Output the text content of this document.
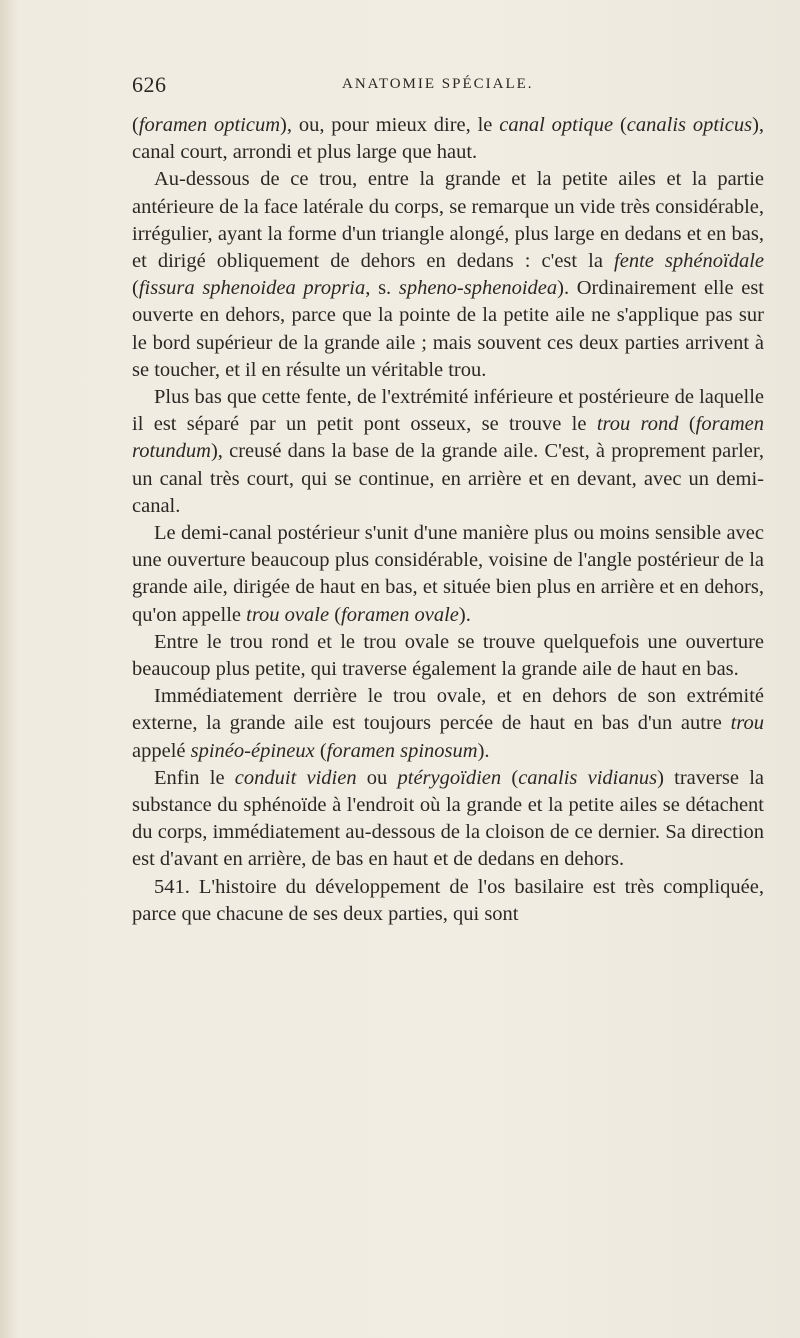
626	ANATOMIE SPÉCIALE.

(foramen opticum), ou, pour mieux dire, le canal optique (canalis opticus), canal court, arrondi et plus large que haut.

Au-dessous de ce trou, entre la grande et la petite ailes et la partie antérieure de la face latérale du corps, se remarque un vide très considérable, irrégulier, ayant la forme d'un triangle alongé, plus large en dedans et en bas, et dirigé obliquement de dehors en dedans : c'est la fente sphénoïdale (fissura sphenoidea propria, s. spheno-sphenoidea). Ordinairement elle est ouverte en dehors, parce que la pointe de la petite aile ne s'applique pas sur le bord supérieur de la grande aile ; mais souvent ces deux parties arrivent à se toucher, et il en résulte un véritable trou.

Plus bas que cette fente, de l'extrémité inférieure et postérieure de laquelle il est séparé par un petit pont osseux, se trouve le trou rond (foramen rotundum), creusé dans la base de la grande aile. C'est, à proprement parler, un canal très court, qui se continue, en arrière et en devant, avec un demi-canal.

Le demi-canal postérieur s'unit d'une manière plus ou moins sensible avec une ouverture beaucoup plus considérable, voisine de l'angle postérieur de la grande aile, dirigée de haut en bas, et située bien plus en arrière et en dehors, qu'on appelle trou ovale (foramen ovale).

Entre le trou rond et le trou ovale se trouve quelquefois une ouverture beaucoup plus petite, qui traverse également la grande aile de haut en bas.

Immédiatement derrière le trou ovale, et en dehors de son extrémité externe, la grande aile est toujours percée de haut en bas d'un autre trou appelé spinéo-épineux (foramen spinosum).

Enfin le conduit vidien ou ptérygoïdien (canalis vidianus) traverse la substance du sphénoïde à l'endroit où la grande et la petite ailes se détachent du corps, immédiatement au-dessous de la cloison de ce dernier. Sa direction est d'avant en arrière, de bas en haut et de dedans en dehors.

541. L'histoire du développement de l'os basilaire est très compliquée, parce que chacune de ses deux parties, qui sont
